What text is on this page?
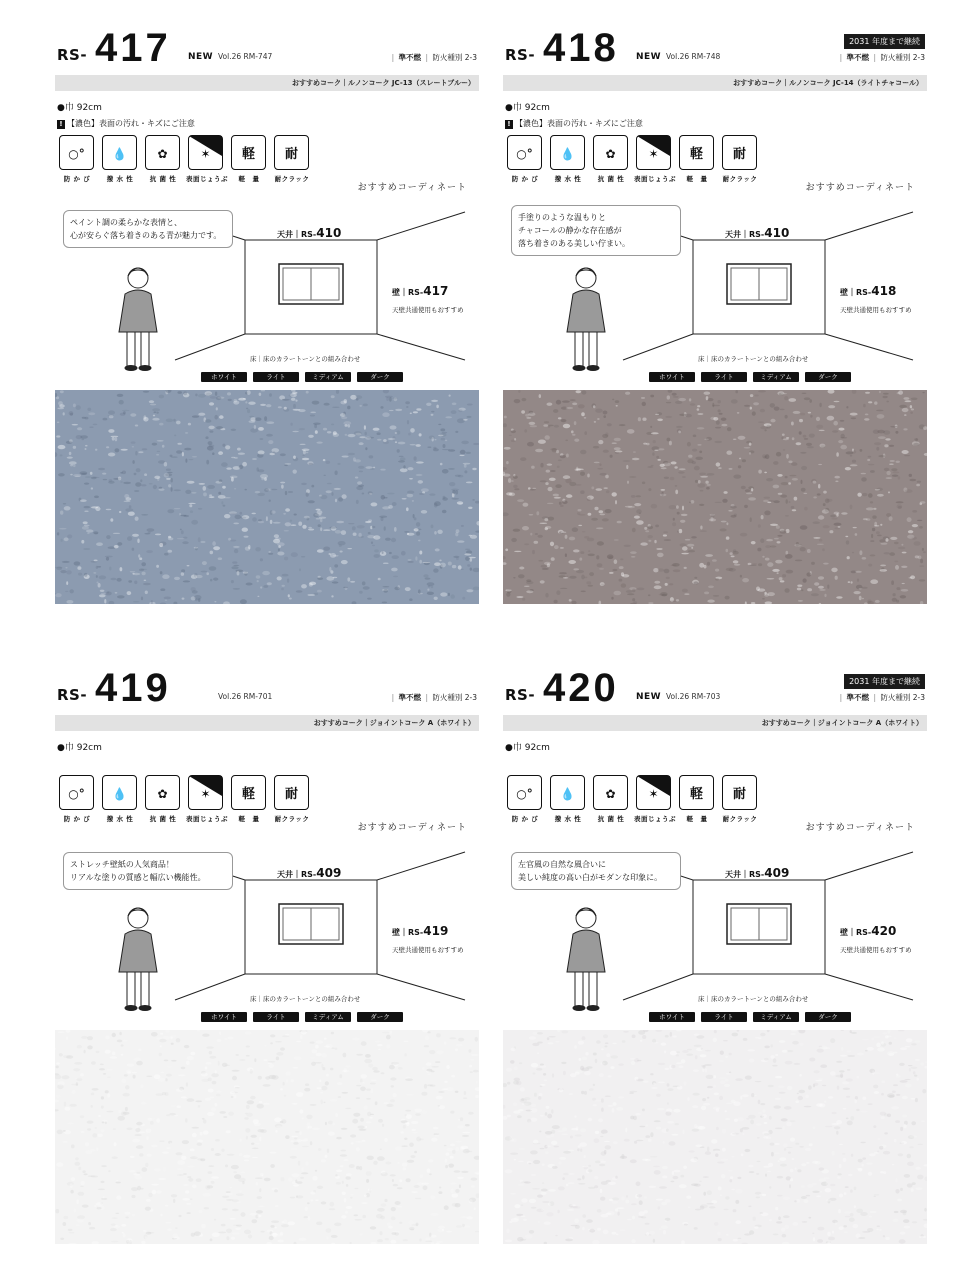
RS- 417 NEW Vol.26 RM-747	| 準不燃 | 防火種別 2-3
おすすめコーク｜ルノンコーク JC-13（スレートブルー）
●巾 92cm
! 【濃色】表面の汚れ・キズにご注意
○°
防 か び
💧
撥 水 性
✿
抗 菌 性
✶
表面じょうぶ
軽
軽　量
耐
耐クラック
おすすめコーディネート
ペイント調の柔らかな表情と、
心が安らぐ落ち着きのある青が魅力です。	天井｜RS-410
壁｜RS-417
天壁共通使用もおすすめ
床｜床のカラートーンとの組み合わせ
ホワイト	ライト	ミディアム	ダーク
RS- 418 NEW Vol.26 RM-748
2031 年度まで継続
| 準不燃 | 防火種別 2-3
おすすめコーク｜ルノンコーク JC-14（ライトチャコール）
●巾 92cm
! 【濃色】表面の汚れ・キズにご注意
○°
防 か び
💧
撥 水 性
✿
抗 菌 性
✶
表面じょうぶ
軽
軽　量
耐
耐クラック
おすすめコーディネート
手塗りのような温もりと
チャコールの静かな存在感が
落ち着きのある美しい佇まい。
天井｜RS-410
壁｜RS-418
天壁共通使用もおすすめ
床｜床のカラートーンとの組み合わせ
ホワイト	ライト	ミディアム	ダーク
RS- 419	Vol.26 RM-701	| 準不燃 | 防火種別 2-3
おすすめコーク｜ジョイントコーク A（ホワイト）
●巾 92cm
○°
防 か び
💧
撥 水 性
✿
抗 菌 性
✶
表面じょうぶ
軽
軽　量
耐
耐クラック
おすすめコーディネート
ストレッチ壁紙の人気商品！
リアルな塗りの質感と幅広い機能性。	天井｜RS-409
壁｜RS-419
天壁共通使用もおすすめ
床｜床のカラートーンとの組み合わせ
ホワイト	ライト	ミディアム	ダーク
RS- 420 NEW Vol.26 RM-703
2031 年度まで継続
| 準不燃 | 防火種別 2-3
おすすめコーク｜ジョイントコーク A（ホワイト）
●巾 92cm
○°
防 か び
💧
撥 水 性
✿
抗 菌 性
✶
表面じょうぶ
軽
軽　量
耐
耐クラック
おすすめコーディネート
左官風の自然な風合いに
美しい純度の高い白がモダンな印象に。	天井｜RS-409
壁｜RS-420
天壁共通使用もおすすめ
床｜床のカラートーンとの組み合わせ
ホワイト	ライト	ミディアム	ダーク
